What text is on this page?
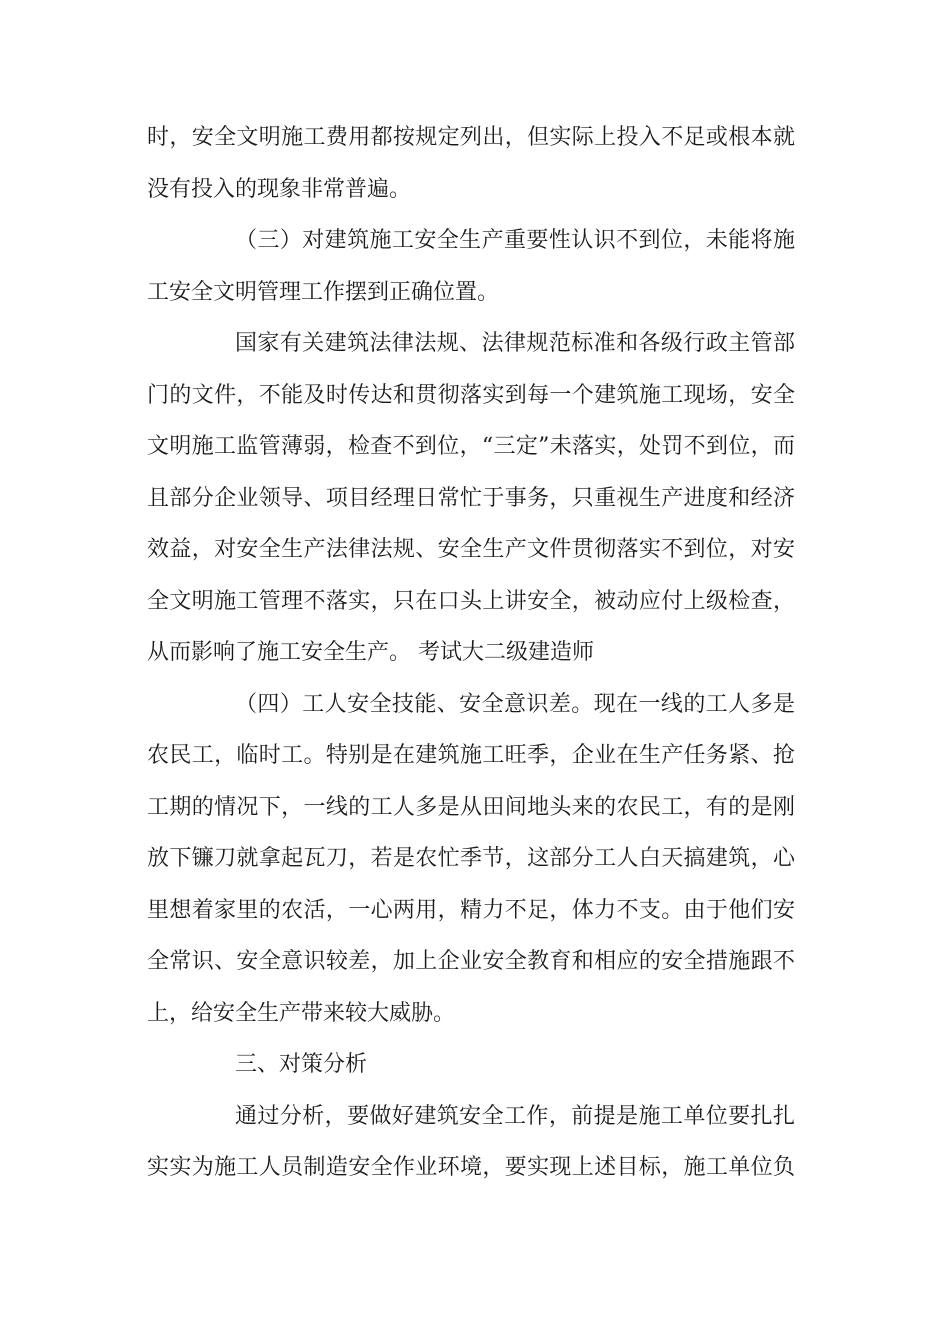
时，安全文明施工费用都按规定列出，但实际上投入不足或根本就
没有投入的现象非常普遍。
（三）对建筑施工安全生产重要性认识不到位，未能将施
工安全文明管理工作摆到正确位置。
国家有关建筑法律法规、法律规范标准和各级行政主管部
门的文件，不能及时传达和贯彻落实到每一个建筑施工现场，安全
文明施工监管薄弱，检查不到位，“三定”未落实，处罚不到位，而
且部分企业领导、项目经理日常忙于事务，只重视生产进度和经济
效益，对安全生产法律法规、安全生产文件贯彻落实不到位，对安
全文明施工管理不落实，只在口头上讲安全，被动应付上级检查，
从而影响了施工安全生产。 考试大二级建造师
（四）工人安全技能、安全意识差。现在一线的工人多是
农民工，临时工。特别是在建筑施工旺季，企业在生产任务紧、抢
工期的情况下，一线的工人多是从田间地头来的农民工，有的是刚
放下镰刀就拿起瓦刀，若是农忙季节，这部分工人白天搞建筑，心
里想着家里的农活，一心两用，精力不足，体力不支。由于他们安
全常识、安全意识较差，加上企业安全教育和相应的安全措施跟不
上，给安全生产带来较大威胁。
三、对策分析
通过分析，要做好建筑安全工作，前提是施工单位要扎扎
实实为施工人员制造安全作业环境，要实现上述目标，施工单位负
